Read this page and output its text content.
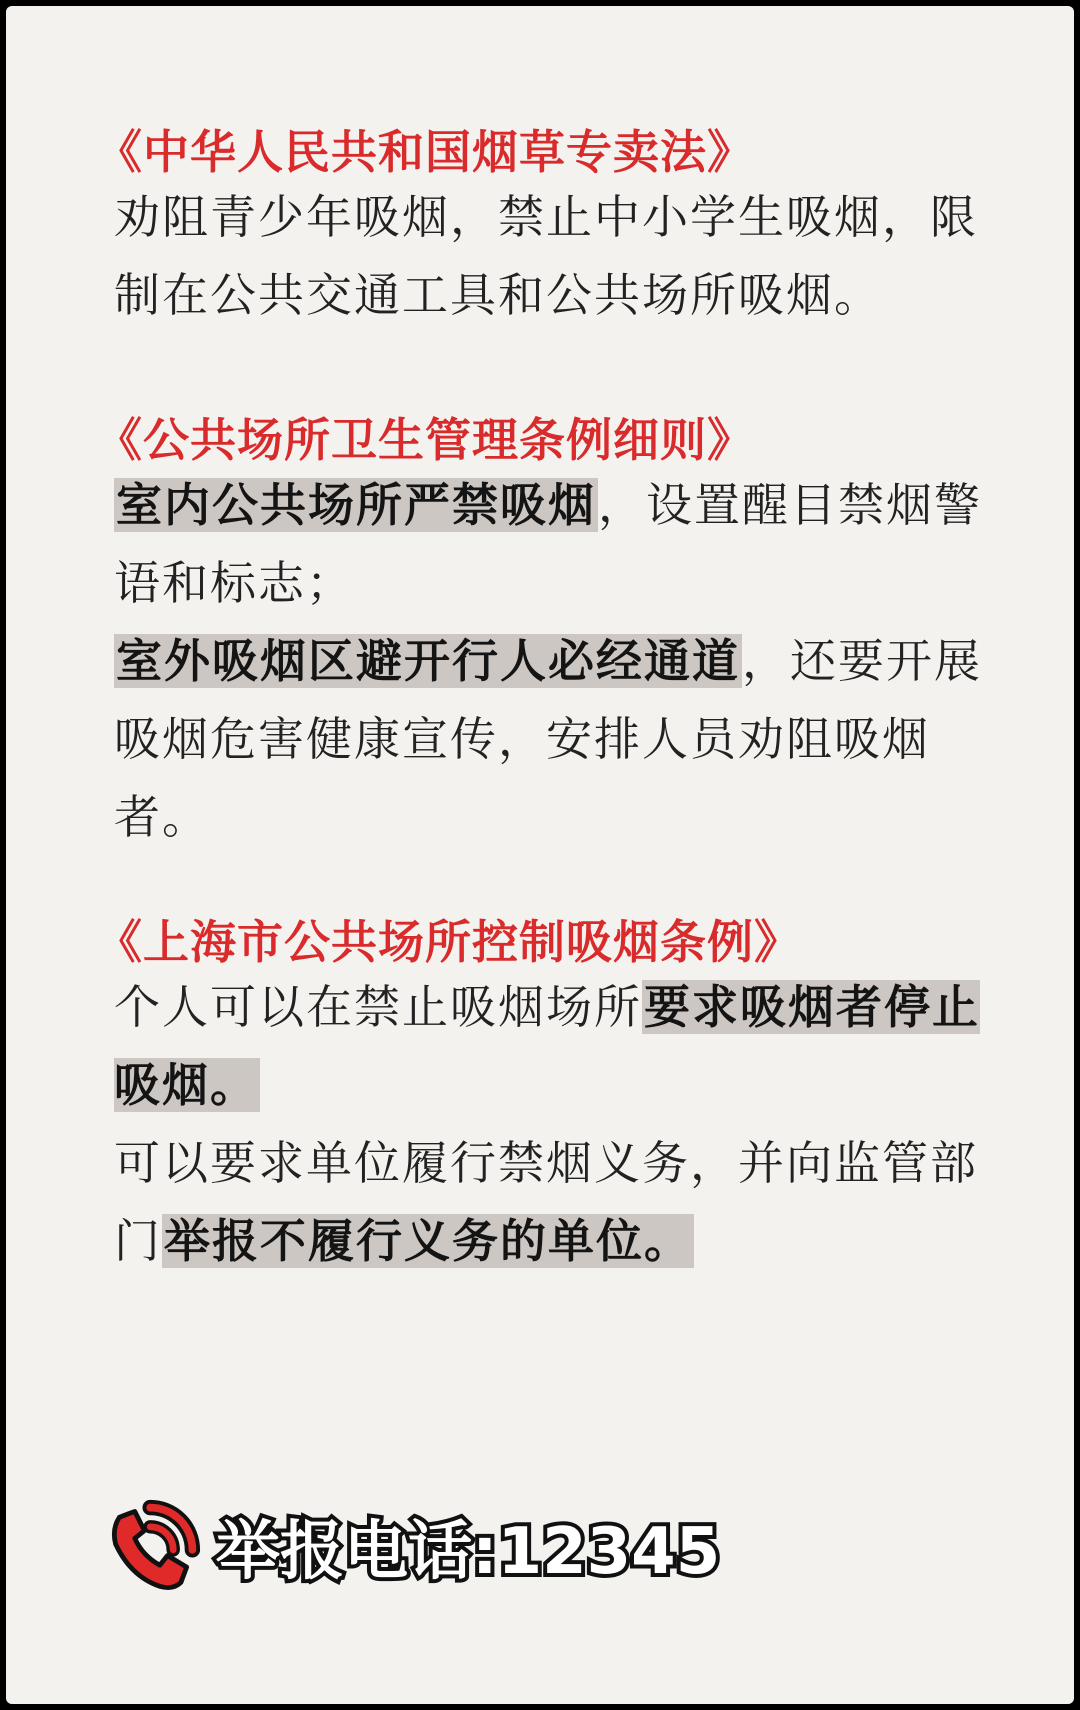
《中华人民共和国烟草专卖法》
劝阻青少年吸烟，禁止中小学生吸烟，限制在公共交通工具和公共场所吸烟。
《公共场所卫生管理条例细则》
室内公共场所严禁吸烟，设置醒目禁烟警语和标志；
室外吸烟区避开行人必经通道，还要开展吸烟危害健康宣传，安排人员劝阻吸烟者。
《上海市公共场所控制吸烟条例》
个人可以在禁止吸烟场所要求吸烟者停止吸烟。
可以要求单位履行禁烟义务，并向监管部门举报不履行义务的单位。
举报电话:12345
